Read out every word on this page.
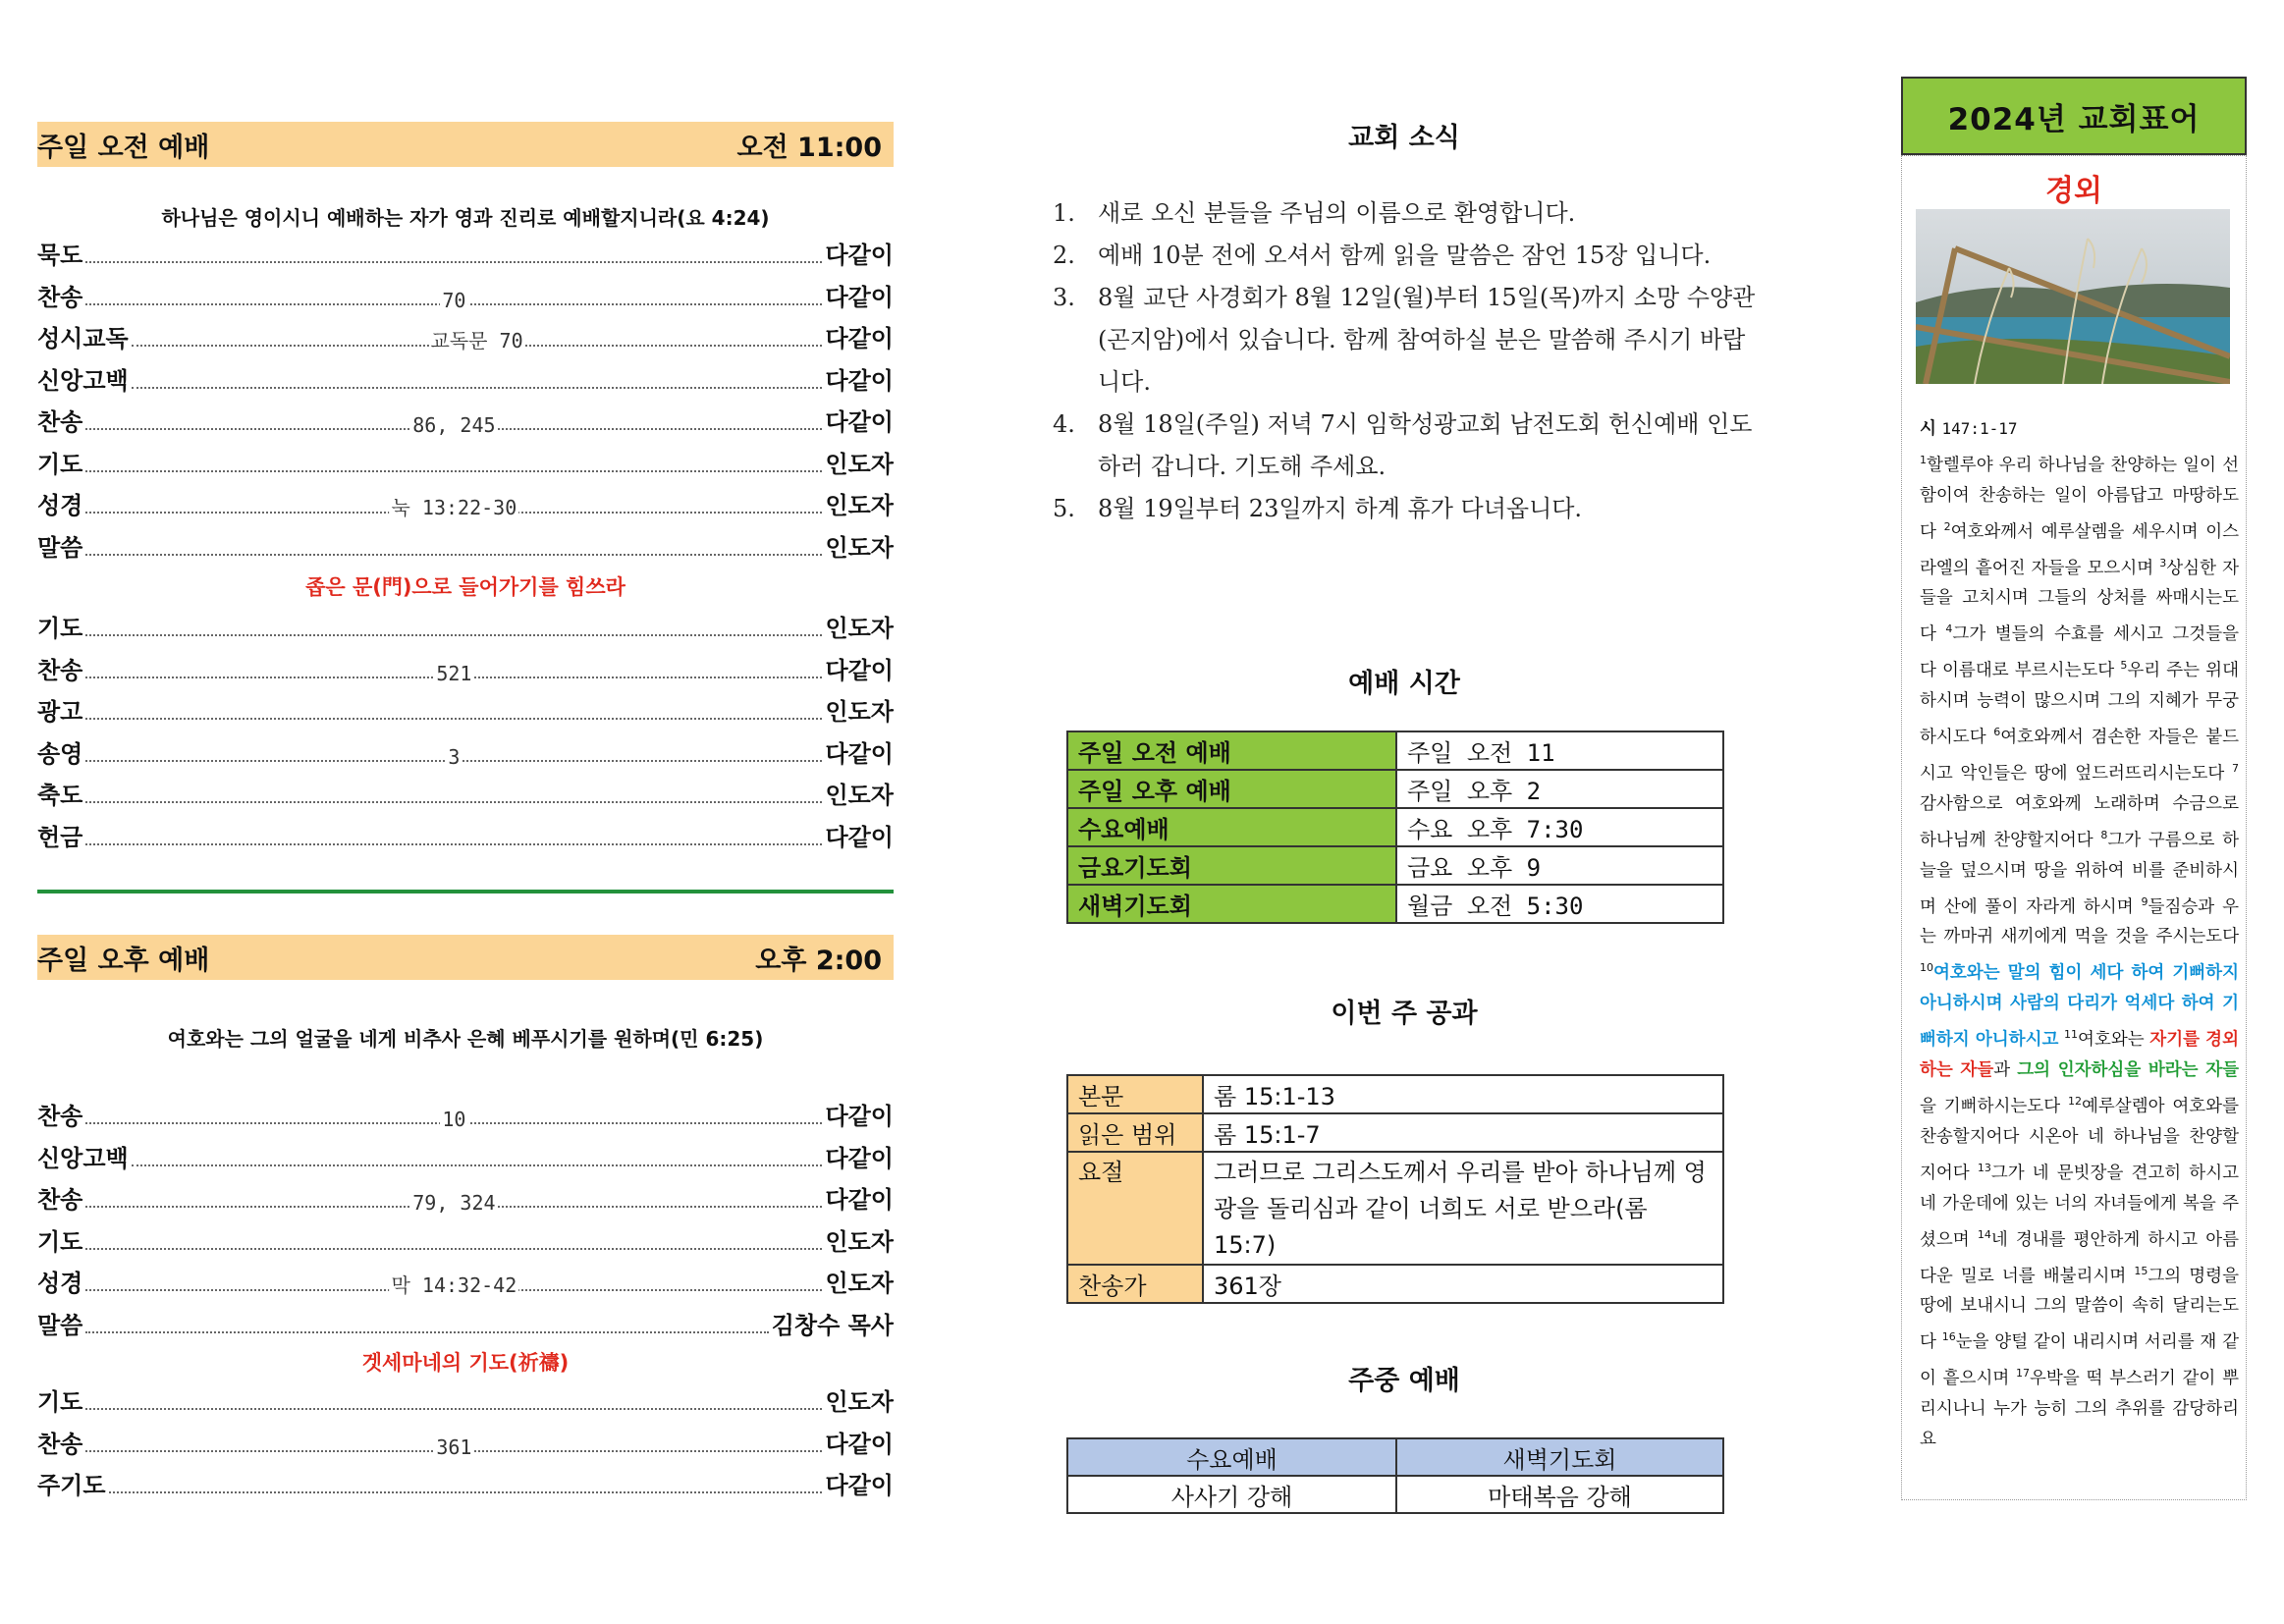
주일 오전 예배	오전 11:00
하나님은 영이시니 예배하는 자가 영과 진리로 예배할지니라(요 4:24)
묵도	다같이
찬송	70	다같이
성시교독	교독문 70	다같이
신앙고백	다같이
찬송	86, 245	다같이
기도	인도자
성경	눅 13:22-30	인도자
말씀	인도자
좁은 문(門)으로 들어가기를 힘쓰라
기도	인도자
찬송	521	다같이
광고	인도자
송영	3	다같이
축도	인도자
헌금	다같이
주일 오후 예배	오후 2:00
여호와는 그의 얼굴을 네게 비추사 은혜 베푸시기를 원하며(민 6:25)
찬송	10	다같이
신앙고백	다같이
찬송	79, 324	다같이
기도	인도자
성경	막 14:32-42	인도자
말씀	김창수 목사
겟세마네의 기도(祈禱)
기도	인도자
찬송	361	다같이
주기도	다같이
교회 소식
1. 새로 오신 분들을 주님의 이름으로 환영합니다.
2. 예배 10분 전에 오셔서 함께 읽을 말씀은 잠언 15장 입니다.
3. 8월 교단 사경회가 8월 12일(월)부터 15일(목)까지 소망 수양관(곤지암)에서 있습니다. 함께 참여하실 분은 말씀해 주시기 바랍니다.
4. 8월 18일(주일) 저녁 7시 임학성광교회 남전도회 헌신예배 인도하러 갑니다. 기도해 주세요.
5. 8월 19일부터 23일까지 하계 휴가 다녀옵니다.
예배 시간
주일 오전 예배	주일 오전 11
주일 오후 예배	주일 오후 2
수요예배	수요 오후 7:30
금요기도회	금요 오후 9
새벽기도회	월금 오전 5:30
이번 주 공과
본문	롬 15:1-13
읽은 범위	롬 15:1-7
요절	그러므로 그리스도께서 우리를 받아 하나님께 영광을 돌리심과 같이 너희도 서로 받으라(롬 15:7)
찬송가	361장
주중 예배
수요예배	새벽기도회
사사기 강해	마태복음 강해
2024년 교회표어
경외
시 147:1-17
$^1$할렐루야 우리 하나님을 찬양하는 일이 선함이여 찬송하는 일이 아름답고 마땅하도다 $^2$여호와께서 예루살렘을 세우시며 이스라엘의 흩어진 자들을 모으시며 $^3$상심한 자들을 고치시며 그들의 상처를 싸매시는도다 $^4$그가 별들의 수효를 세시고 그것들을 다 이름대로 부르시는도다 $^5$우리 주는 위대하시며 능력이 많으시며 그의 지혜가 무궁하시도다 $^6$여호와께서 겸손한 자들은 붙드시고 악인들은 땅에 엎드러뜨리시는도다 $^7$감사함으로 여호와께 노래하며 수금으로 하나님께 찬양할지어다 $^8$그가 구름으로 하늘을 덮으시며 땅을 위하여 비를 준비하시며 산에 풀이 자라게 하시며 $^9$들짐승과 우는 까마귀 새끼에게 먹을 것을 주시는도다 $^{10}$여호와는 말의 힘이 세다 하여 기뻐하지 아니하시며 사람의 다리가 억세다 하여 기뻐하지 아니하시고 $^{11}$여호와는 자기를 경외하는 자들과 그의 인자하심을 바라는 자들을 기뻐하시는도다 $^{12}$예루살렘아 여호와를 찬송할지어다 시온아 네 하나님을 찬양할지어다 $^{13}$그가 네 문빗장을 견고히 하시고 네 가운데에 있는 너의 자녀들에게 복을 주셨으며 $^{14}$네 경내를 평안하게 하시고 아름다운 밀로 너를 배불리시며 $^{15}$그의 명령을 땅에 보내시니 그의 말씀이 속히 달리는도다 $^{16}$눈을 양털 같이 내리시며 서리를 재 같이 흩으시며 $^{17}$우박을 떡 부스러기 같이 뿌리시나니 누가 능히 그의 추위를 감당하리요
